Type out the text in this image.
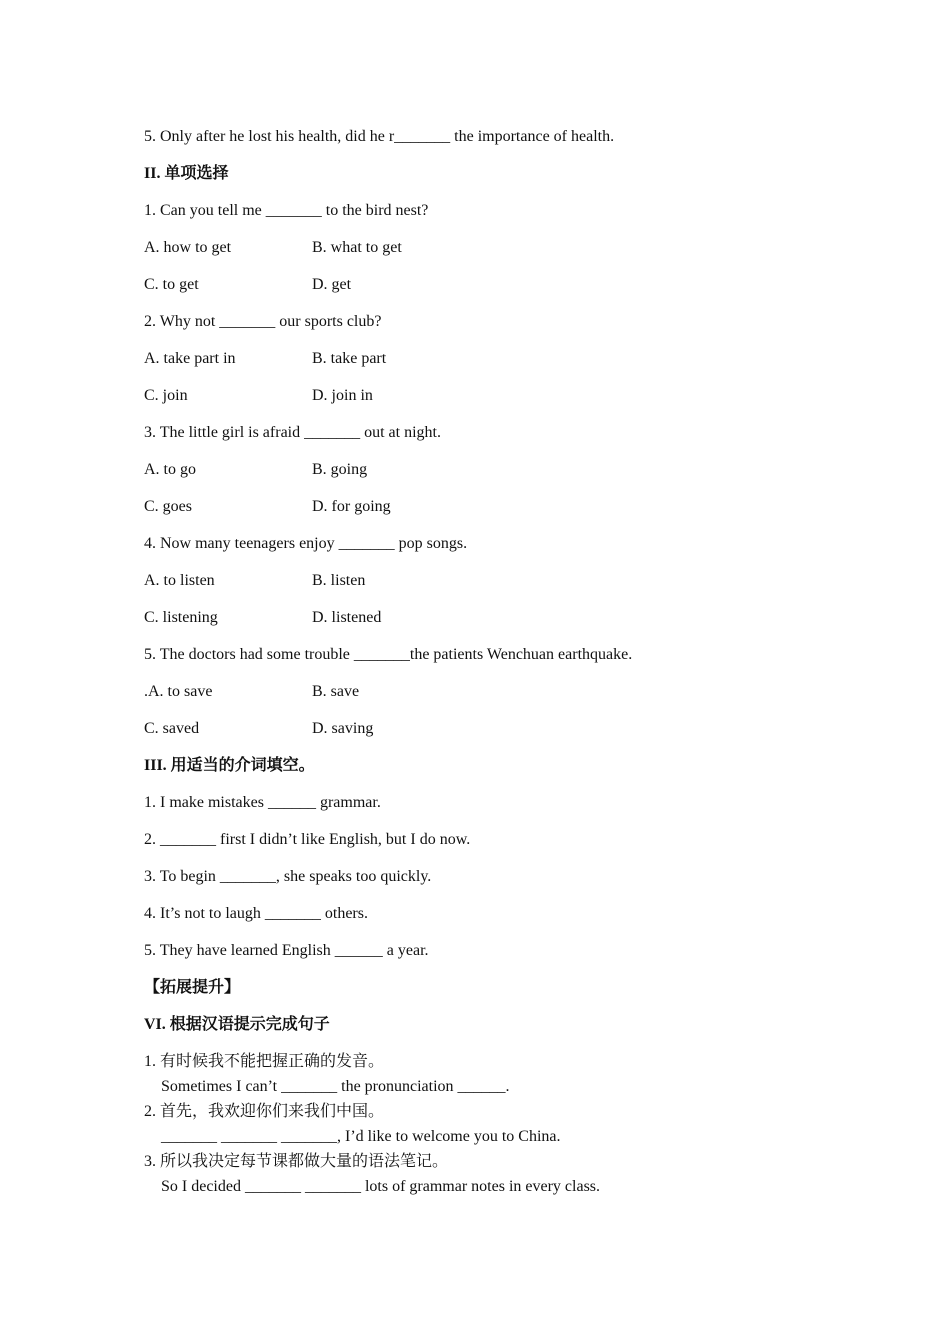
5. Only after he lost his health, did he r_______ the importance of health.
II. 单项选择
1. Can you tell me _______ to the bird nest?
A. how to get	B. what to get
C. to get	D. get
2. Why not _______ our sports club?
A. take part in	B. take part
C. join	D. join in
3. The little girl is afraid _______ out at night.
A. to go	B. going
C. goes	D. for going
4. Now many teenagers enjoy _______ pop songs.
A. to listen	B. listen
C. listening	D. listened
5. The doctors had some trouble _______the patients Wenchuan earthquake.
.A. to save	B. save
C. saved	D. saving
III. 用适当的介词填空。
1. I make mistakes ______ grammar.
2. _______ first I didn’t like English, but I do now.
3. To begin _______, she speaks too quickly.
4. It’s not to laugh _______ others.
5. They have learned English ______ a year.
【拓展提升】
VI. 根据汉语提示完成句子
1. 有时候我不能把握正确的发音。
Sometimes I can’t _______ the pronunciation ______.
2. 首先，我欢迎你们来我们中国。
_______ _______ _______, I’d like to welcome you to China.
3. 所以我决定每节课都做大量的语法笔记。
So I decided _______ _______ lots of grammar notes in every class.
